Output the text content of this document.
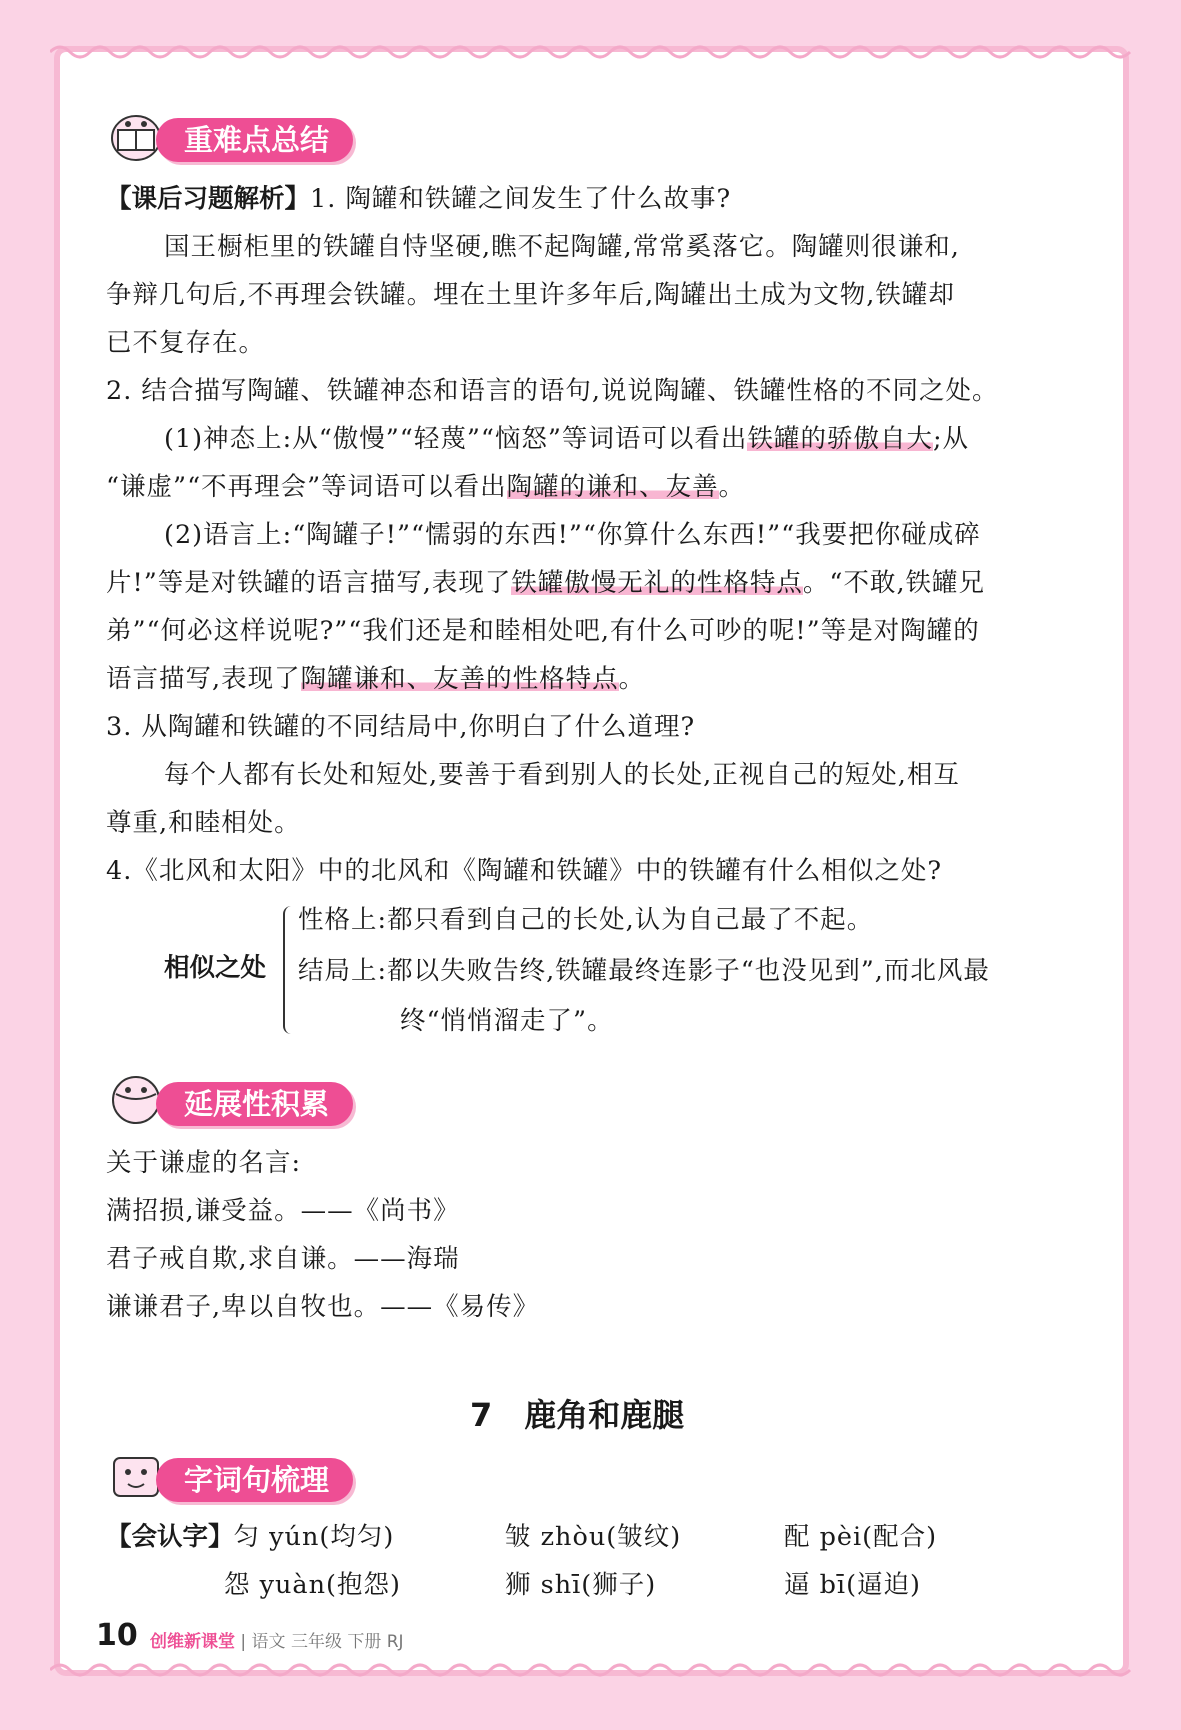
重难点总结
【课后习题解析】1. 陶罐和铁罐之间发生了什么故事?
国王橱柜里的铁罐自恃坚硬,瞧不起陶罐,常常奚落它。陶罐则很谦和,
争辩几句后,不再理会铁罐。埋在土里许多年后,陶罐出土成为文物,铁罐却
已不复存在。
2. 结合描写陶罐、铁罐神态和语言的语句,说说陶罐、铁罐性格的不同之处。
(1)神态上:从“傲慢”“轻蔑”“恼怒”等词语可以看出铁罐的骄傲自大;从
“谦虚”“不再理会”等词语可以看出陶罐的谦和、友善。
(2)语言上:“陶罐子!”“懦弱的东西!”“你算什么东西!”“我要把你碰成碎
片!”等是对铁罐的语言描写,表现了铁罐傲慢无礼的性格特点。“不敢,铁罐兄
弟”“何必这样说呢?”“我们还是和睦相处吧,有什么可吵的呢!”等是对陶罐的
语言描写,表现了陶罐谦和、友善的性格特点。
3. 从陶罐和铁罐的不同结局中,你明白了什么道理?
每个人都有长处和短处,要善于看到别人的长处,正视自己的短处,相互
尊重,和睦相处。
4.《北风和太阳》中的北风和《陶罐和铁罐》中的铁罐有什么相似之处?
相似之处
性格上:都只看到自己的长处,认为自己最了不起。
结局上:都以失败告终,铁罐最终连影子“也没见到”,而北风最
终“悄悄溜走了”。
延展性积累
关于谦虚的名言:
满招损,谦受益。——《尚书》
君子戒自欺,求自谦。——海瑞
谦谦君子,卑以自牧也。——《易传》
7　鹿角和鹿腿
字词句梳理
【会认字】匀 yún(均匀)	皱 zhòu(皱纹)	配 pèi(配合)
怨 yuàn(抱怨)	狮 shī(狮子)	逼 bī(逼迫)
10 创维新课堂 | 语文 三年级 下册 RJ
